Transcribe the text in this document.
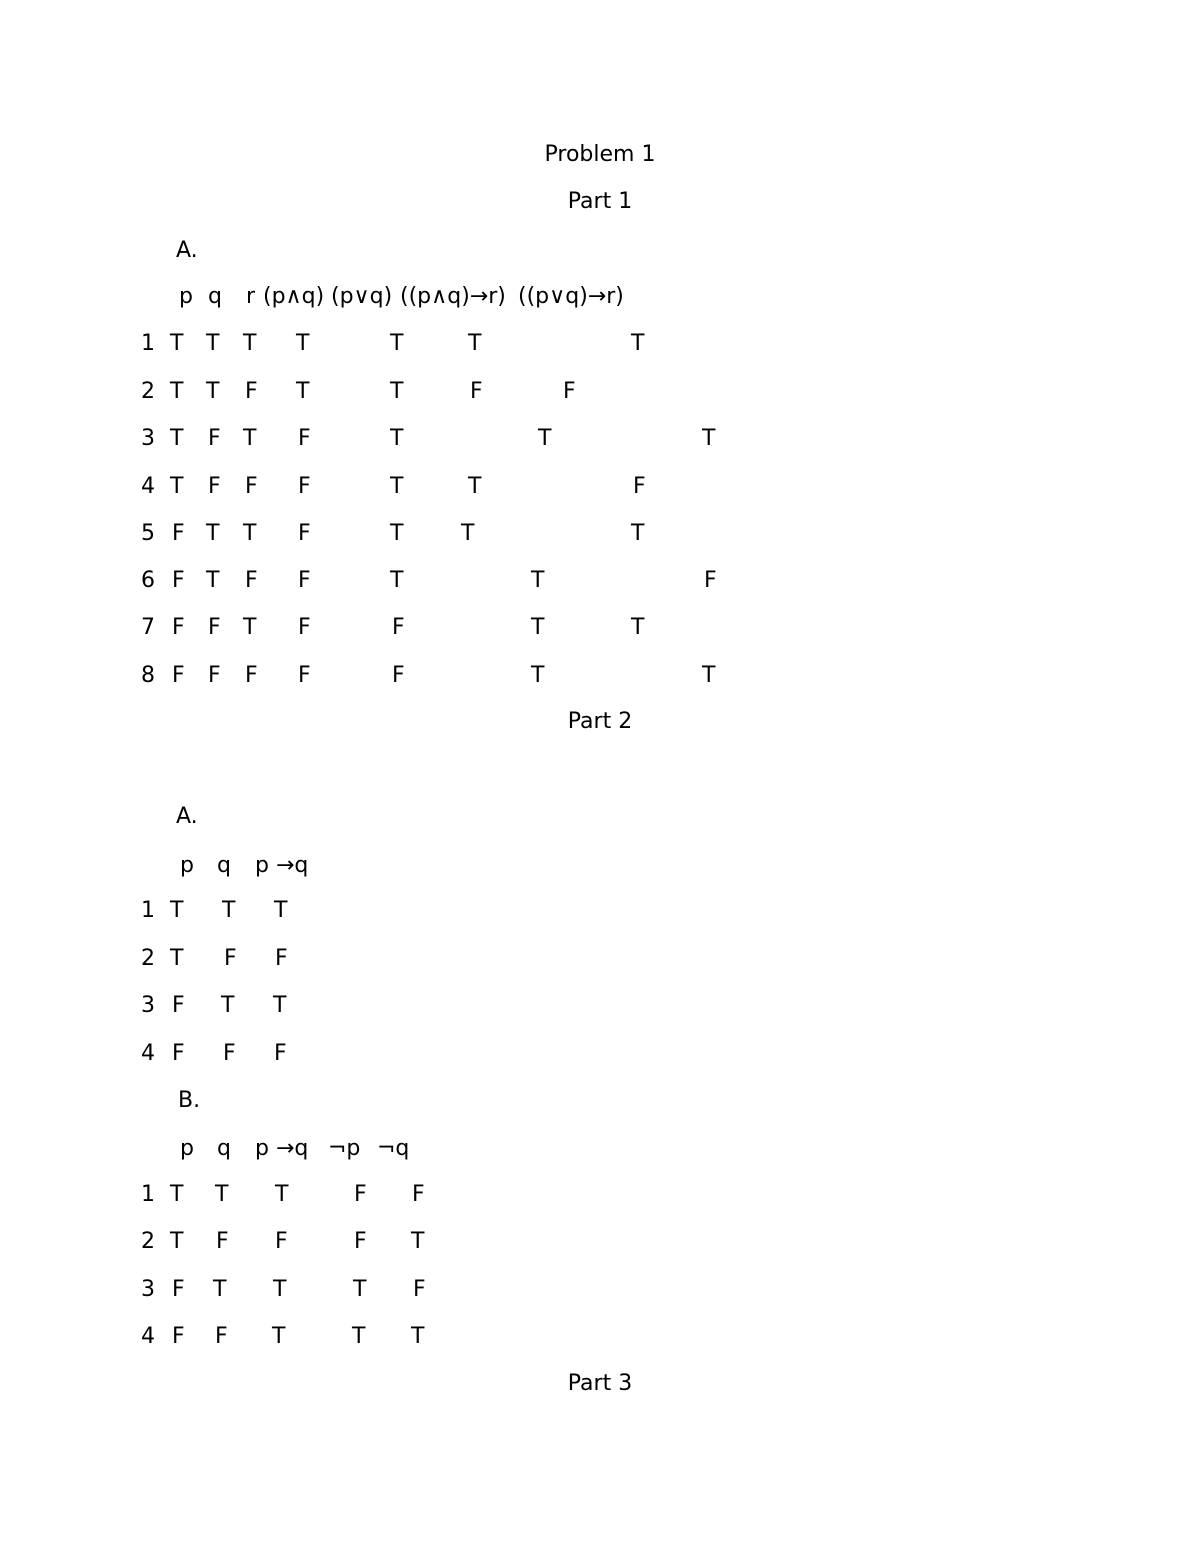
Problem 1
Part 1
A.
p q r (p∧q) (p∨q) ((p∧q)→r) ((p∨q)→r)
1 T T T T	T	T	T
2 T T F T	T	F	F
3 T F T F	T	T	T
4 T F F F	T	T	F
5 F T T F	T	T	T
6 F T F F	T	T	F
7 F F T F	F	T	T
8 F F F F	F	T	T
Part 2
A.
p q p →q
1 T T T
2 T F F
3 F T T
4 F F F
B.
p q p →q ¬p ¬q
1 T T T	F F
2 T F F	F T
3 F T T	T F
4 F F T	T T
Part 3
